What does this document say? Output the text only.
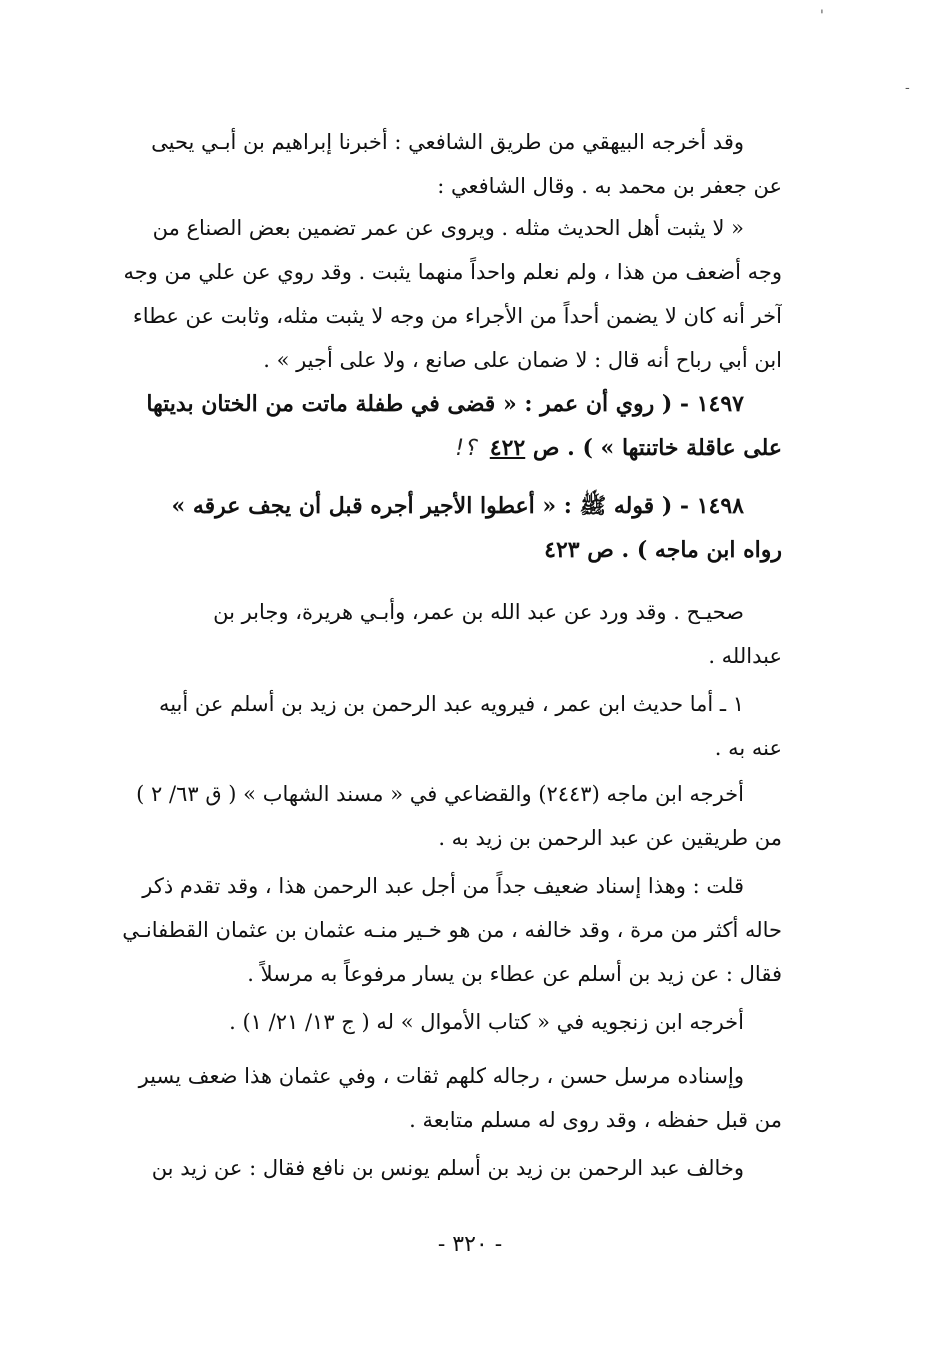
'
-
وقد أخرجه البيهقي من طريق الشافعي : أخبرنا إبراهيم بن أبـي يحيى
عن جعفر بن محمد به . وقال الشافعي :
« لا يثبت أهل الحديث مثله . ويروى عن عمر تضمين بعض الصناع من
وجه أضعف من هذا ، ولم نعلم واحداً منهما يثبت . وقد روي عن علي من وجه
آخر أنه كان لا يضمن أحداً من الأجراء من وجه لا يثبت مثله، وثابت عن عطاء
ابن أبي رباح أنه قال : لا ضمان على صانع ، ولا على أجير » .
١٤٩٧ - ( روي أن عمر : « قضى في طفلة ماتت من الختان بديتها
على عاقلة خاتنتها » ) . ص ٤٢٢؟!
١٤٩٨ - ( قوله ﷺ : « أعطوا الأجير أجره قبل أن يجف عرقه »
رواه ابن ماجه ) . ص ٤٢٣
صحيـح . وقد ورد عن عبد الله بن عمر، وأبـي هريرة، وجابر بن
عبدالله .
١ ـ أما حديث ابن عمر ، فيرويه عبد الرحمن بن زيد بن أسلم عن أبيه
عنه به .
أخرجه ابن ماجه (٢٤٤٣) والقضاعي في « مسند الشهاب » ( ق ٦٣/ ٢ )
من طريقين عن عبد الرحمن بن زيد به .
قلت : وهذا إسناد ضعيف جداً من أجل عبد الرحمن هذا ، وقد تقدم ذكر
حاله أكثر من مرة ، وقد خالفه ، من هو خـير منـه عثمان بن عثمان القطفانـي
فقال : عن زيد بن أسلم عن عطاء بن يسار مرفوعاً به مرسلاً .
أخرجه ابن زنجويه في « كتاب الأموال » له ( ج ١٣/ ٢١/ ١) .
وإسناده مرسل حسن ، رجاله كلهم ثقات ، وفي عثمان هذا ضعف يسير
من قبل حفظه ، وقد روى له مسلم متابعة .
وخالف عبد الرحمن بن زيد بن أسلم يونس بن نافع فقال : عن زيد بن
- ٣٢٠ -
